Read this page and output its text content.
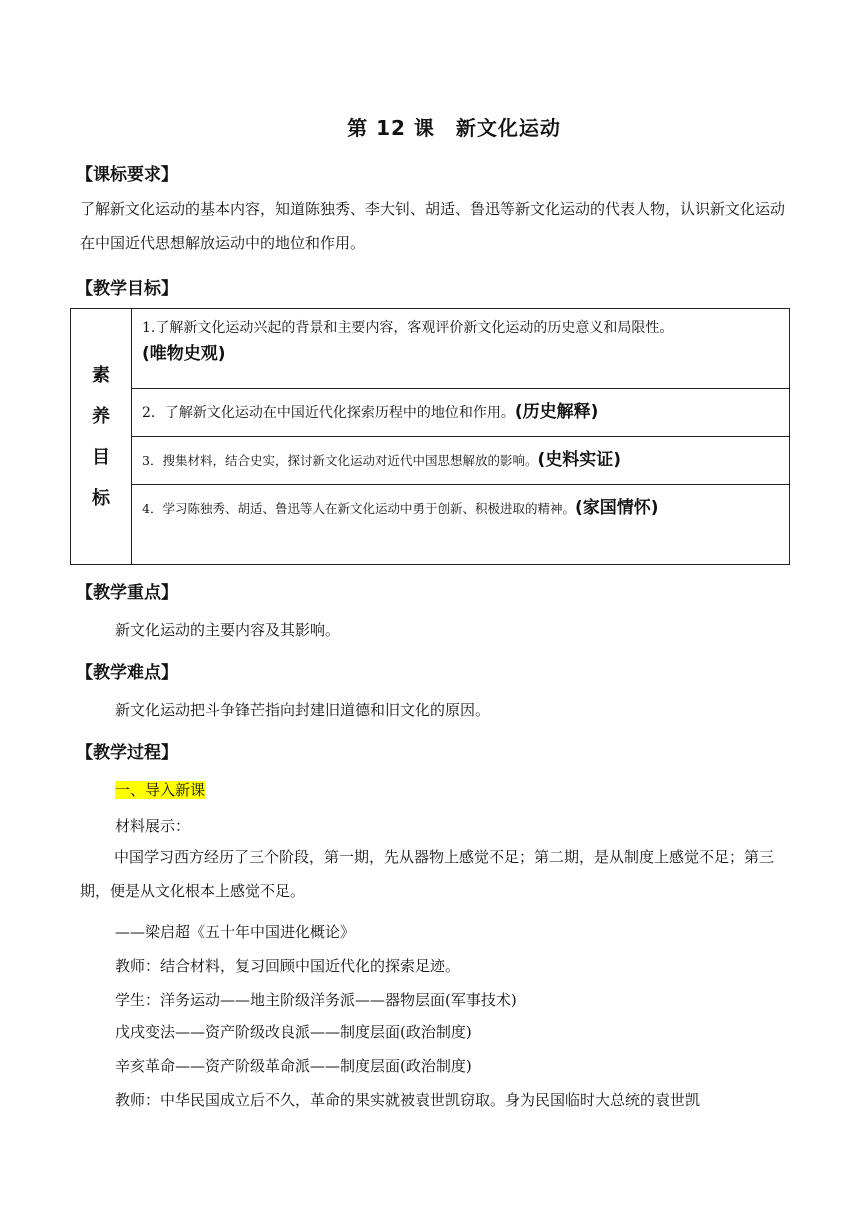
第 12 课　新文化运动
【课标要求】
了解新文化运动的基本内容，知道陈独秀、李大钊、胡适、鲁迅等新文化运动的代表人物，认识新文化运动在中国近代思想解放运动中的地位和作用。
【教学目标】
素
养
目
标

1.了解新文化运动兴起的背景和主要内容，客观评价新文化运动的历史意义和局限性。
(唯物史观)

2．了解新文化运动在中国近代化探索历程中的地位和作用。(历史解释)

3．搜集材料，结合史实，探讨新文化运动对近代中国思想解放的影响。(史料实证)

4．学习陈独秀、胡适、鲁迅等人在新文化运动中勇于创新、积极进取的精神。(家国情怀)
【教学重点】
新文化运动的主要内容及其影响。
【教学难点】
新文化运动把斗争锋芒指向封建旧道德和旧文化的原因。
【教学过程】
一、导入新课
材料展示：
中国学习西方经历了三个阶段，第一期，先从器物上感觉不足；第二期，是从制度上感觉不足；第三期，便是从文化根本上感觉不足。
——梁启超《五十年中国进化概论》
教师：结合材料，复习回顾中国近代化的探索足迹。
学生：洋务运动——地主阶级洋务派——器物层面(军事技术)
戊戌变法——资产阶级改良派——制度层面(政治制度)
辛亥革命——资产阶级革命派——制度层面(政治制度)
教师：中华民国成立后不久，革命的果实就被袁世凯窃取。身为民国临时大总统的袁世凯
